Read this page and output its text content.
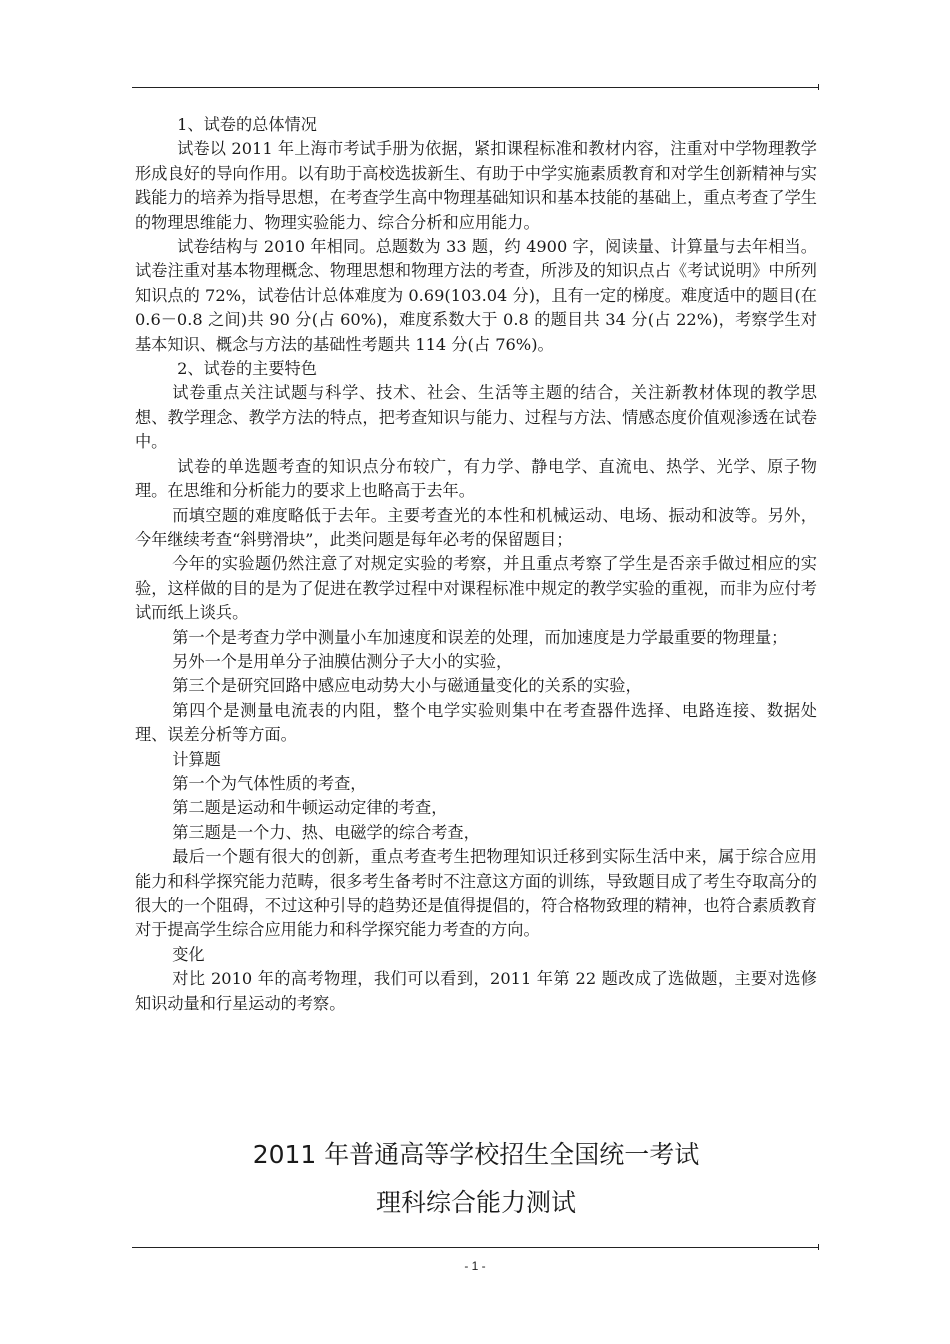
1、试卷的总体情况

试卷以 2011 年上海市考试手册为依据，紧扣课程标准和教材内容，注重对中学物理教学形成良好的导向作用。以有助于高校选拔新生、有助于中学实施素质教育和对学生创新精神与实践能力的培养为指导思想，在考查学生高中物理基础知识和基本技能的基础上，重点考查了学生的物理思维能力、物理实验能力、综合分析和应用能力。

试卷结构与 2010 年相同。总题数为 33 题，约 4900 字，阅读量、计算量与去年相当。试卷注重对基本物理概念、物理思想和物理方法的考查，所涉及的知识点占《考试说明》中所列知识点的 72%，试卷估计总体难度为 0.69(103.04 分)，且有一定的梯度。难度适中的题目(在 0.6－0.8 之间)共 90 分(占 60%)，难度系数大于 0.8 的题目共 34 分(占 22%)，考察学生对基本知识、概念与方法的基础性考题共 114 分(占 76%)。

2、试卷的主要特色

试卷重点关注试题与科学、技术、社会、生活等主题的结合，关注新教材体现的教学思想、教学理念、教学方法的特点，把考查知识与能力、过程与方法、情感态度价值观渗透在试卷中。

试卷的单选题考查的知识点分布较广，有力学、静电学、直流电、热学、光学、原子物理。在思维和分析能力的要求上也略高于去年。

而填空题的难度略低于去年。主要考查光的本性和机械运动、电场、振动和波等。另外，今年继续考查“斜劈滑块”，此类问题是每年必考的保留题目；

今年的实验题仍然注意了对规定实验的考察，并且重点考察了学生是否亲手做过相应的实验，这样做的目的是为了促进在教学过程中对课程标准中规定的教学实验的重视，而非为应付考试而纸上谈兵。

第一个是考查力学中测量小车加速度和误差的处理，而加速度是力学最重要的物理量；

另外一个是用单分子油膜估测分子大小的实验，

第三个是研究回路中感应电动势大小与磁通量变化的关系的实验，

第四个是测量电流表的内阻，整个电学实验则集中在考查器件选择、电路连接、数据处理、误差分析等方面。

计算题

第一个为气体性质的考查，

第二题是运动和牛顿运动定律的考查，

第三题是一个力、热、电磁学的综合考查，

最后一个题有很大的创新，重点考查考生把物理知识迁移到实际生活中来，属于综合应用能力和科学探究能力范畴，很多考生备考时不注意这方面的训练，导致题目成了考生夺取高分的很大的一个阻碍，不过这种引导的趋势还是值得提倡的，符合格物致理的精神，也符合素质教育对于提高学生综合应用能力和科学探究能力考查的方向。

变化

对比 2010 年的高考物理，我们可以看到，2011 年第 22 题改成了选做题，主要对选修知识动量和行星运动的考察。

2011 年普通高等学校招生全国统一考试
理科综合能力测试
- 1 -
